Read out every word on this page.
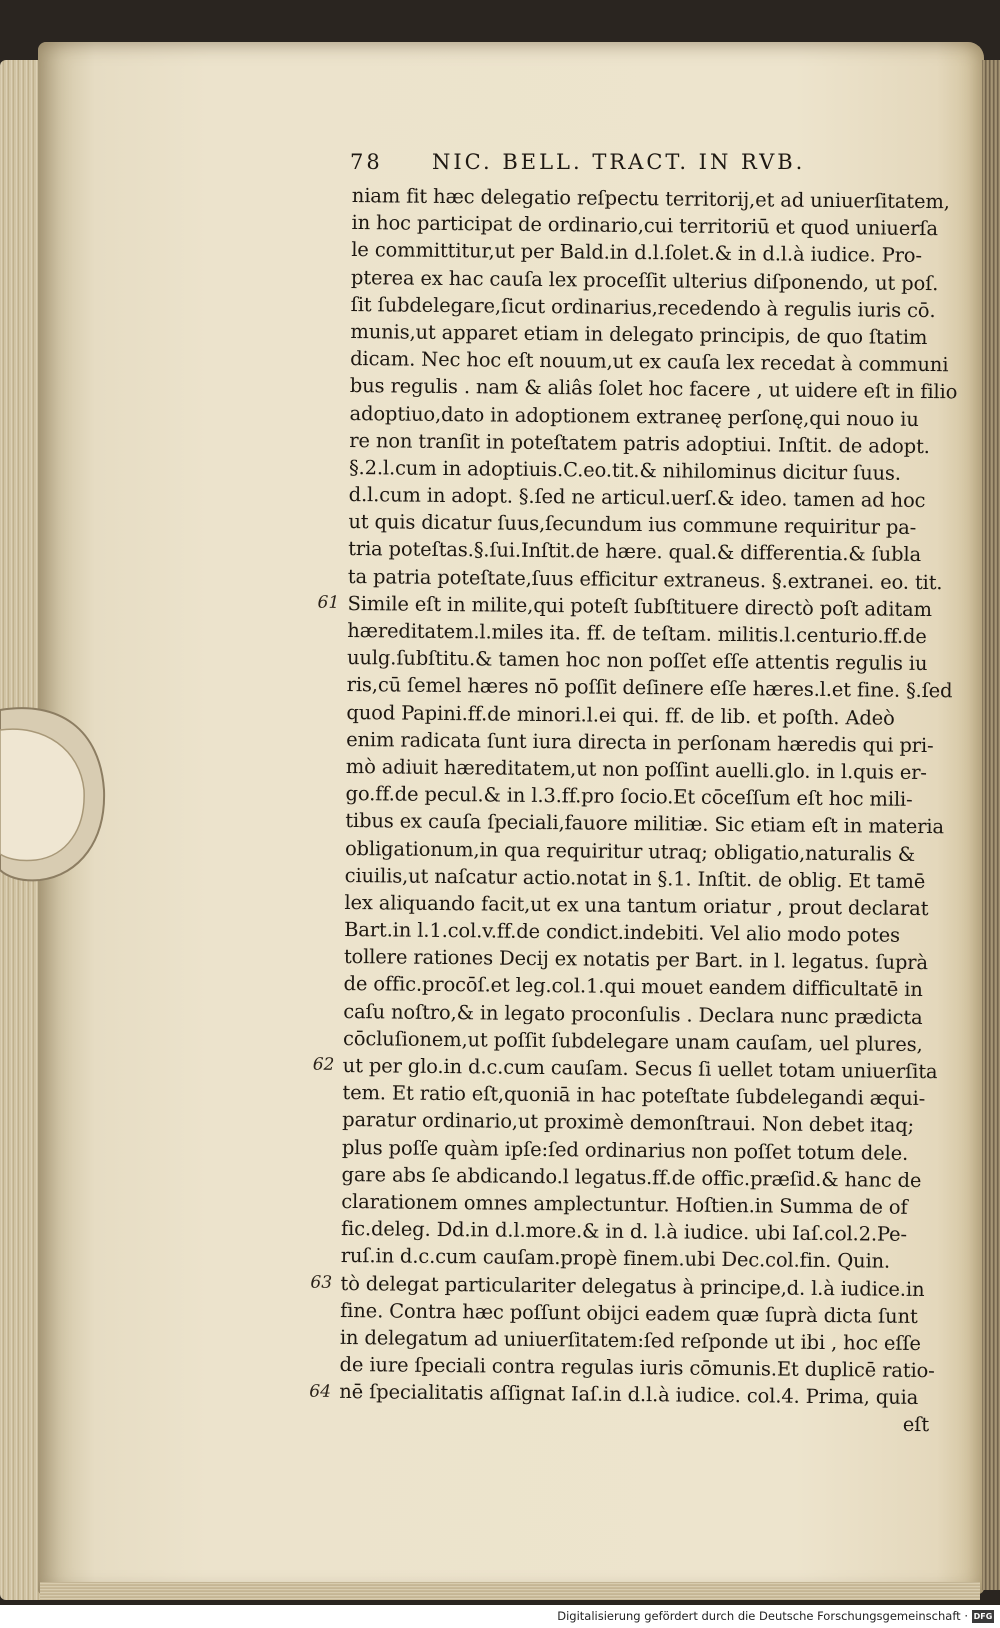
78 NIC. BELL. TRACT. IN RVB.
niam fit hæc delegatio reſpectu territorij,et ad uniuerſitatem,
in hoc participat de ordinario,cui territoriū et quod uniuerſa
le committitur,ut per Bald.in d.l.ſolet.& in d.l.à iudice. Pro-
pterea ex hac cauſa lex proceſſit ulterius diſponendo, ut poſ.
ſit ſubdelegare,ſicut ordinarius,recedendo à regulis iuris cō.
munis,ut apparet etiam in delegato principis, de quo ſtatim
dicam. Nec hoc eſt nouum,ut ex cauſa lex recedat à communi
bus regulis . nam & aliâs ſolet hoc facere , ut uidere eſt in filio
adoptiuo,dato in adoptionem extraneę perſonę,qui nouo iu
re non tranſit in poteſtatem patris adoptiui. Inſtit. de adopt.
§.2.l.cum in adoptiuis.C.eo.tit.& nihilominus dicitur ſuus.
d.l.cum in adopt. §.ſed ne articul.uerſ.& ideo. tamen ad hoc
ut quis dicatur ſuus,ſecundum ius commune requiritur pa-
tria poteſtas.§.ſui.Inſtit.de hære. qual.& differentia.& ſubla
ta patria poteſtate,ſuus efficitur extraneus. §.extranei. eo. tit.
Simile eſt in milite,qui poteſt ſubſtituere directò poſt aditam
hæreditatem.l.miles ita. ff. de teſtam. militis.l.centurio.ff.de
uulg.ſubſtitu.& tamen hoc non poſſet eſſe attentis regulis iu
ris,cū ſemel hæres nō poſſit deſinere eſſe hæres.l.et fine. §.ſed
quod Papini.ff.de minori.l.ei qui. ff. de lib. et poſth. Adeò
enim radicata ſunt iura directa in perſonam hæredis qui pri-
mò adiuit hæreditatem,ut non poſſint auelli.glo. in l.quis er-
go.ff.de pecul.& in l.3.ff.pro ſocio.Et cōceſſum eſt hoc mili-
tibus ex cauſa ſpeciali,fauore militiæ. Sic etiam eſt in materia
obligationum,in qua requiritur utraq; obligatio,naturalis &
ciuilis,ut naſcatur actio.notat in §.1. Inſtit. de oblig. Et tamē
lex aliquando facit,ut ex una tantum oriatur , prout declarat
Bart.in l.1.col.v.ff.de condict.indebiti. Vel alio modo potes
tollere rationes Decij ex notatis per Bart. in l. legatus. ſuprà
de offic.procōſ.et leg.col.1.qui mouet eandem difficultatē in
caſu noſtro,& in legato proconſulis . Declara nunc prædicta
cōcluſionem,ut poſſit ſubdelegare unam cauſam, uel plures,
ut per glo.in d.c.cum cauſam. Secus ſi uellet totam uniuerſita
tem. Et ratio eſt,quoniā in hac poteſtate ſubdelegandi æqui-
paratur ordinario,ut proximè demonſtraui. Non debet itaq;
plus poſſe quàm ipſe:ſed ordinarius non poſſet totum dele.
gare abs ſe abdicando.l legatus.ff.de offic.præſid.& hanc de
clarationem omnes amplectuntur. Hoſtien.in Summa de of
fic.deleg. Dd.in d.l.more.& in d. l.à iudice. ubi Iaſ.col.2.Pe-
ruſ.in d.c.cum cauſam.propè finem.ubi Dec.col.fin. Quin.
tò delegat particulariter delegatus à principe,d. l.à iudice.in
fine. Contra hæc poſſunt obijci eadem quæ ſuprà dicta ſunt
in delegatum ad uniuerſitatem:ſed reſponde ut ibi , hoc eſſe
de iure ſpeciali contra regulas iuris cōmunis.Et duplicē ratio-
nē ſpecialitatis aſſignat Iaſ.in d.l.à iudice. col.4. Prima, quia
eſt
61
62
63
64
Digitalisierung gefördert durch die Deutsche Forschungsgemeinschaft · DFG
